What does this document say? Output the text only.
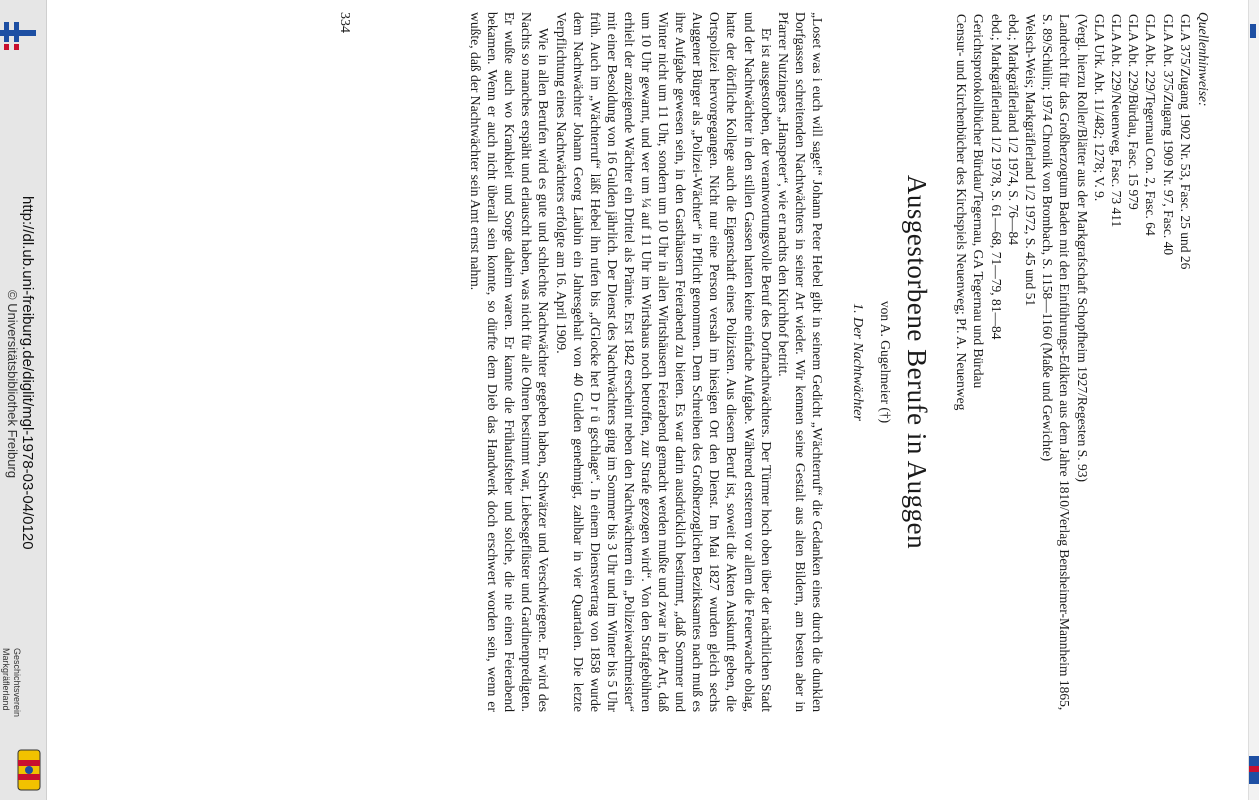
http://dl.ub.uni-freiburg.de/diglit/mgl-1978-03-04/0120
© Universitätsbibliothek Freiburg
Geschichtsverein Markgräflerland
Quellenhinweise:
GLA 375/Zugang 1902 Nr. 53, Fasc. 25 und 26
GLA Abt. 375/Zugang 1909 Nr. 97, Fasc. 40
GLA Abt. 229/Tegernau Con. 2, Fasc. 64
GLA Abt. 229/Bürdau, Fasc. 15 979
GLA Abt. 229/Neuenweg, Fasc. 73 411
GLA Urk. Abt. 11/482; 1278; V. 9.
(Vergl. hierzu Roller/Blätter aus der Markgrafschaft Schopfheim 1927/Regesten S. 93)
Landrecht für das Großherzogtum Baden mit den Einführungs-Edikten aus dem Jahre 1810/Verlag Bensheimer-Mannheim 1865, S. 89/Schülin; 1974 Chronik von Brombach, S. 1158—1160 (Maße und Gewichte)
Welsch-Weis; Markgräflerland 1/2 1972, S. 45 und 51
ebd.; Markgräflerland 1/2 1974, S. 76—84
ebd.; Markgräflerland 1/2 1978, S. 61—68, 71—79, 81—84
Gerichtsprotokollbücher Bürdau/Tegernau, GA Tegernau und Bürdau
Censur- und Kirchenbücher des Kirchspiels Neuenweg; Pf. A. Neuenweg
Ausgestorbene Berufe in Auggen
von A. Gugelmeier (†)
1. Der Nachtwächter

„Loset was i euch will sage!“ Johann Peter Hebel gibt in seinem Gedicht „Wächterruf“ die Gedanken eines durch die dunklen Dorfgassen schreitenden Nachtwächters in seiner Art wieder. Wir kennen seine Gestalt aus alten Bildern, am besten aber in Pfarrer Nutzingers „Hanspeter“, wie er nachts den Kirchhof betritt.

Er ist ausgestorben, der verantwortungsvolle Beruf des Dorfnachtwächters. Der Türmer hoch oben über der nächtlichen Stadt und der Nachtwächter in den stillen Gassen hatten keine einfache Aufgabe. Während ersterem vor allem die Feuerwache oblag, hatte der dörfliche Kollege auch die Eigenschaft eines Polizisten. Aus diesem Beruf ist, soweit die Akten Auskunft geben, die Ortspolizei hervorgegangen. Nicht nur eine Person versah im hiesigen Ort den Dienst. Im Mai 1827 wurden gleich sechs Auggener Bürger als „Polizei-Wächter“ in Pflicht genommen. Dem Schreiben des Großherzoglichen Bezirksamtes nach muß es ihre Aufgabe gewesen sein, in den Gasthäusern Feierabend zu bieten. Es war darin ausdrücklich bestimmt, „daß Sommer und Winter nicht um 11 Uhr, sondern um 10 Uhr in allen Wirtshäusern Feierabend gemacht werden mußte und zwar in der Art, daß um 10 Uhr gewarnt, und wer um ¼ auf 11 Uhr im Wirtshaus noch betroffen, zur Strafe gezogen wird“. Von den Strafgebühren erhielt der anzeigende Wächter ein Drittel als Prämie. Erst 1842 erscheint neben den Nachtwächtern ein „Polizeiwachtmeister“ mit einer Besoldung von 16 Gulden jährlich. Der Dienst des Nachtwächters ging im Sommer bis 3 Uhr und im Winter bis 5 Uhr früh. Auch im „Wächterruf“ läßt Hebel ihn rufen bis „d'Glocke het D r ü gschlage“. In einem Dienstvertrag von 1858 wurde dem Nachtwächter Johann Georg Läubin ein Jahresgehalt von 40 Gulden genehmigt, zahlbar in vier Quartalen. Die letzte Verpflichtung eines Nachtwächters erfolgte am 16. April 1909.

Wie in allen Berufen wird es gute und schlechte Nachtwächter gegeben haben, Schwätzer und Verschwiegene. Er wird des Nachts so manches erspäht und erlauscht haben, was nicht für alle Ohren bestimmt war, Liebesgeflüster und Gardinenpredigten. Er wußte auch wo Krankheit und Sorge daheim waren. Er kannte die Frühaufsteher und solche, die nie einen Feierabend bekamen. Wenn er auch nicht überall sein konnte, so dürfte dem Dieb das Handwerk doch erschwert worden sein, wenn er wußte, daß der Nachtwächter sein Amt ernst nahm.

334
